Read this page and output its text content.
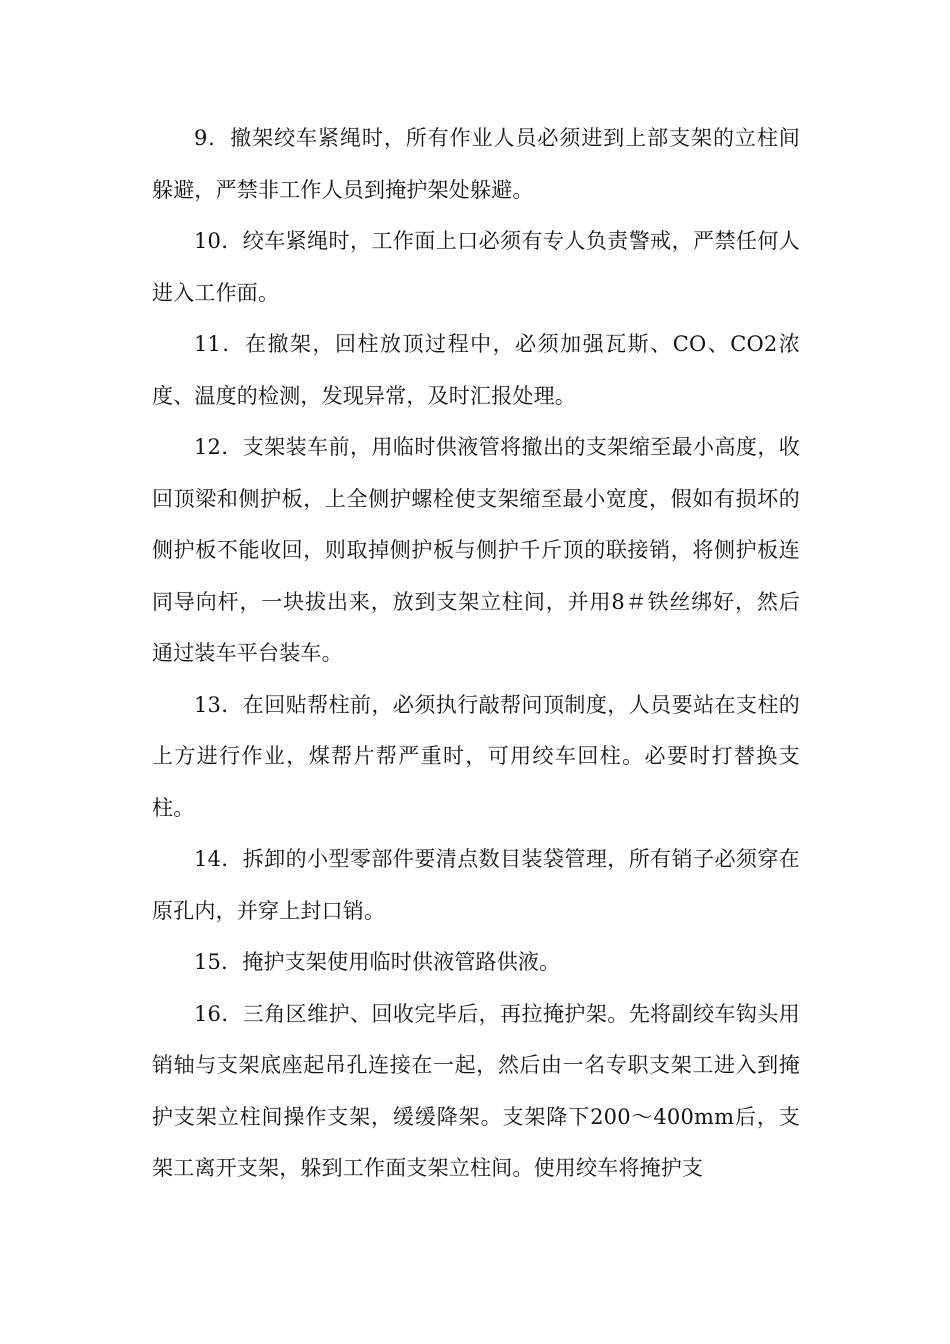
9．撤架绞车紧绳时，所有作业人员必须进到上部支架的立柱间躲避，严禁非工作人员到掩护架处躲避。

10．绞车紧绳时，工作面上口必须有专人负责警戒，严禁任何人进入工作面。

11．在撤架，回柱放顶过程中，必须加强瓦斯、CO、CO2浓度、温度的检测，发现异常，及时汇报处理。

12．支架装车前，用临时供液管将撤出的支架缩至最小高度，收回顶梁和侧护板，上全侧护螺栓使支架缩至最小宽度，假如有损坏的侧护板不能收回，则取掉侧护板与侧护千斤顶的联接销，将侧护板连同导向杆，一块拔出来，放到支架立柱间，并用8＃铁丝绑好，然后通过装车平台装车。

13．在回贴帮柱前，必须执行敲帮问顶制度，人员要站在支柱的上方进行作业，煤帮片帮严重时，可用绞车回柱。必要时打替换支柱。

14．拆卸的小型零部件要清点数目装袋管理，所有销子必须穿在原孔内，并穿上封口销。

15．掩护支架使用临时供液管路供液。

16．三角区维护、回收完毕后，再拉掩护架。先将副绞车钩头用销轴与支架底座起吊孔连接在一起，然后由一名专职支架工进入到掩护支架立柱间操作支架，缓缓降架。支架降下200～400mm后，支架工离开支架，躲到工作面支架立柱间。使用绞车将掩护支
